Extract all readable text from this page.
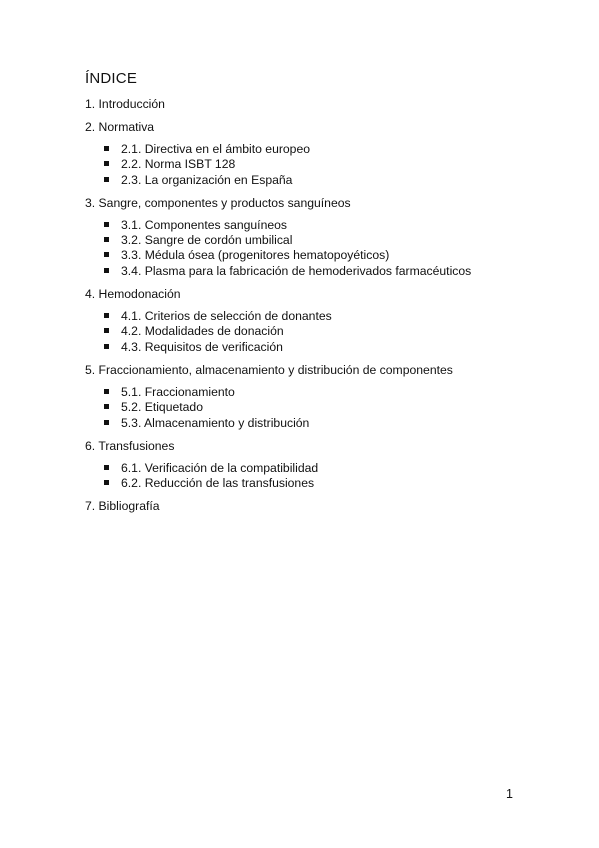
ÍNDICE
1. Introducción
2. Normativa
2.1. Directiva en el ámbito europeo
2.2. Norma ISBT 128
2.3. La organización en España
3. Sangre, componentes y productos sanguíneos
3.1. Componentes sanguíneos
3.2. Sangre de cordón umbilical
3.3. Médula ósea (progenitores hematopoyéticos)
3.4. Plasma para la fabricación de hemoderivados farmacéuticos
4. Hemodonación
4.1. Criterios de selección de donantes
4.2. Modalidades de donación
4.3. Requisitos de verificación
5. Fraccionamiento, almacenamiento y distribución de componentes
5.1. Fraccionamiento
5.2. Etiquetado
5.3. Almacenamiento y distribución
6. Transfusiones
6.1. Verificación de la compatibilidad
6.2. Reducción de las transfusiones
7. Bibliografía
1
